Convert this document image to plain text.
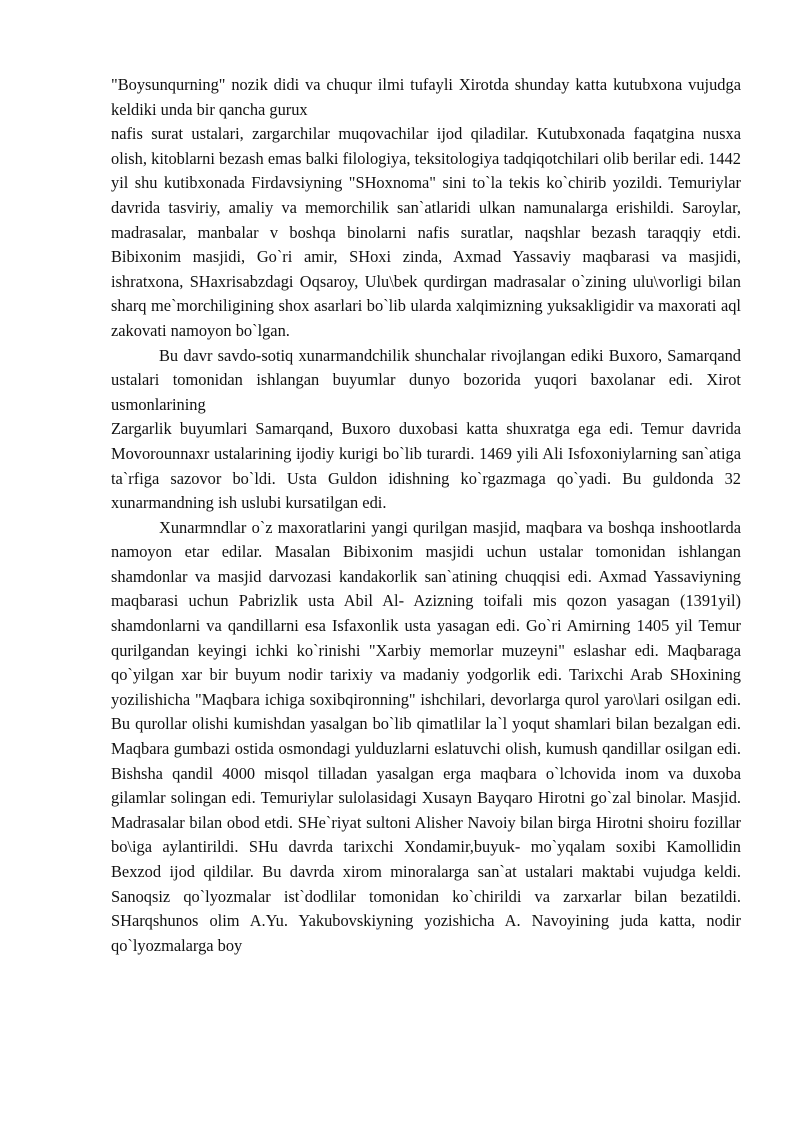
"Boysunqurning" nozik didi va chuqur ilmi tufayli Xirotda shunday katta kutubxona vujudga keldiki unda bir qancha gurux

nafis surat ustalari, zargarchilar muqovachilar ijod qiladilar. Kutubxonada faqatgina nusxa olish, kitoblarni bezash emas balki filologiya, teksitologiya tadqiqotchilari olib berilar edi. 1442 yil shu kutibxonada Firdavsiyning "SHoxnoma" sini to`la tekis ko`chirib yozildi. Temuriylar davrida tasviriy, amaliy va memorchilik san`atlaridi ulkan namunalarga erishildi. Saroylar, madrasalar, manbalar v boshqa binolarni nafis suratlar, naqshlar bezash taraqqiy etdi. Bibixonim masjidi, Go`ri amir, SHoxi zinda, Axmad Yassaviy maqbarasi va masjidi, ishratxona, SHaxrisabzdagi Oqsaroy, Ulu\bek qurdirgan madrasalar o`zining ulu\vorligi bilan sharq me`morchiligining shox asarlari bo`lib ularda xalqimizning yuksakligidir va maxorati aql zakovati namoyon bo`lgan.

Bu davr savdo-sotiq xunarmandchilik shunchalar rivojlangan ediki Buxoro, Samarqand ustalari tomonidan ishlangan buyumlar dunyo bozorida yuqori baxolanar edi. Xirot usmonlarining

Zargarlik buyumlari Samarqand, Buxoro duxobasi katta shuxratga ega edi. Temur davrida Movorounnaxr ustalarining ijodiy kurigi bo`lib turardi. 1469 yili Ali Isfoxoniylarning san`atiga ta`rfiga sazovor bo`ldi. Usta Guldon idishning ko`rgazmaga qo`yadi. Bu guldonda 32 xunarmandning ish uslubi kursatilgan edi.

Xunarmndlar o`z maxoratlarini yangi qurilgan masjid, maqbara va boshqa inshootlarda namoyon etar edilar. Masalan Bibixonim masjidi uchun ustalar tomonidan ishlangan shamdonlar va masjid darvozasi kandakorlik san`atining chuqqisi edi. Axmad Yassaviyning maqbarasi uchun Pabrizlik usta Abil Al- Azizning toifali mis qozon yasagan (1391yil) shamdonlarni va qandillarni esa Isfaxonlik usta yasagan edi. Go`ri Amirning 1405 yil Temur qurilgandan keyingi ichki ko`rinishi "Xarbiy memorlar muzeyni" eslashar edi. Maqbaraga qo`yilgan xar bir buyum nodir tarixiy va madaniy yodgorlik edi. Tarixchi Arab SHoxining yozilishicha "Maqbara ichiga soxibqironning" ishchilari, devorlarga qurol yaro\lari osilgan edi. Bu qurollar olishi kumishdan yasalgan bo`lib qimatlilar la`l yoqut shamlari bilan bezalgan edi. Maqbara gumbazi ostida osmondagi yulduzlarni eslatuvchi olish, kumush qandillar osilgan edi. Bishsha qandil 4000 misqol tilladan yasalgan erga maqbara o`lchovida inom va duxoba gilamlar solingan edi. Temuriylar sulolasidagi Xusayn Bayqaro Hirotni go`zal binolar. Masjid. Madrasalar bilan obod etdi. SHe`riyat sultoni Alisher Navoiy bilan birga Hirotni shoiru fozillar bo\iga aylantirildi. SHu davrda tarixchi Xondamir,buyuk- mo`yqalam soxibi Kamollidin Bexzod ijod qildilar. Bu davrda xirom minoralarga san`at ustalari maktabi vujudga keldi. Sanoqsiz qo`lyozmalar ist`dodlilar tomonidan ko`chirildi va zarxarlar bilan bezatildi. SHarqshunos olim A.Yu. Yakubovskiyning yozishicha A. Navoyining juda katta, nodir qo`lyozmalarga boy
